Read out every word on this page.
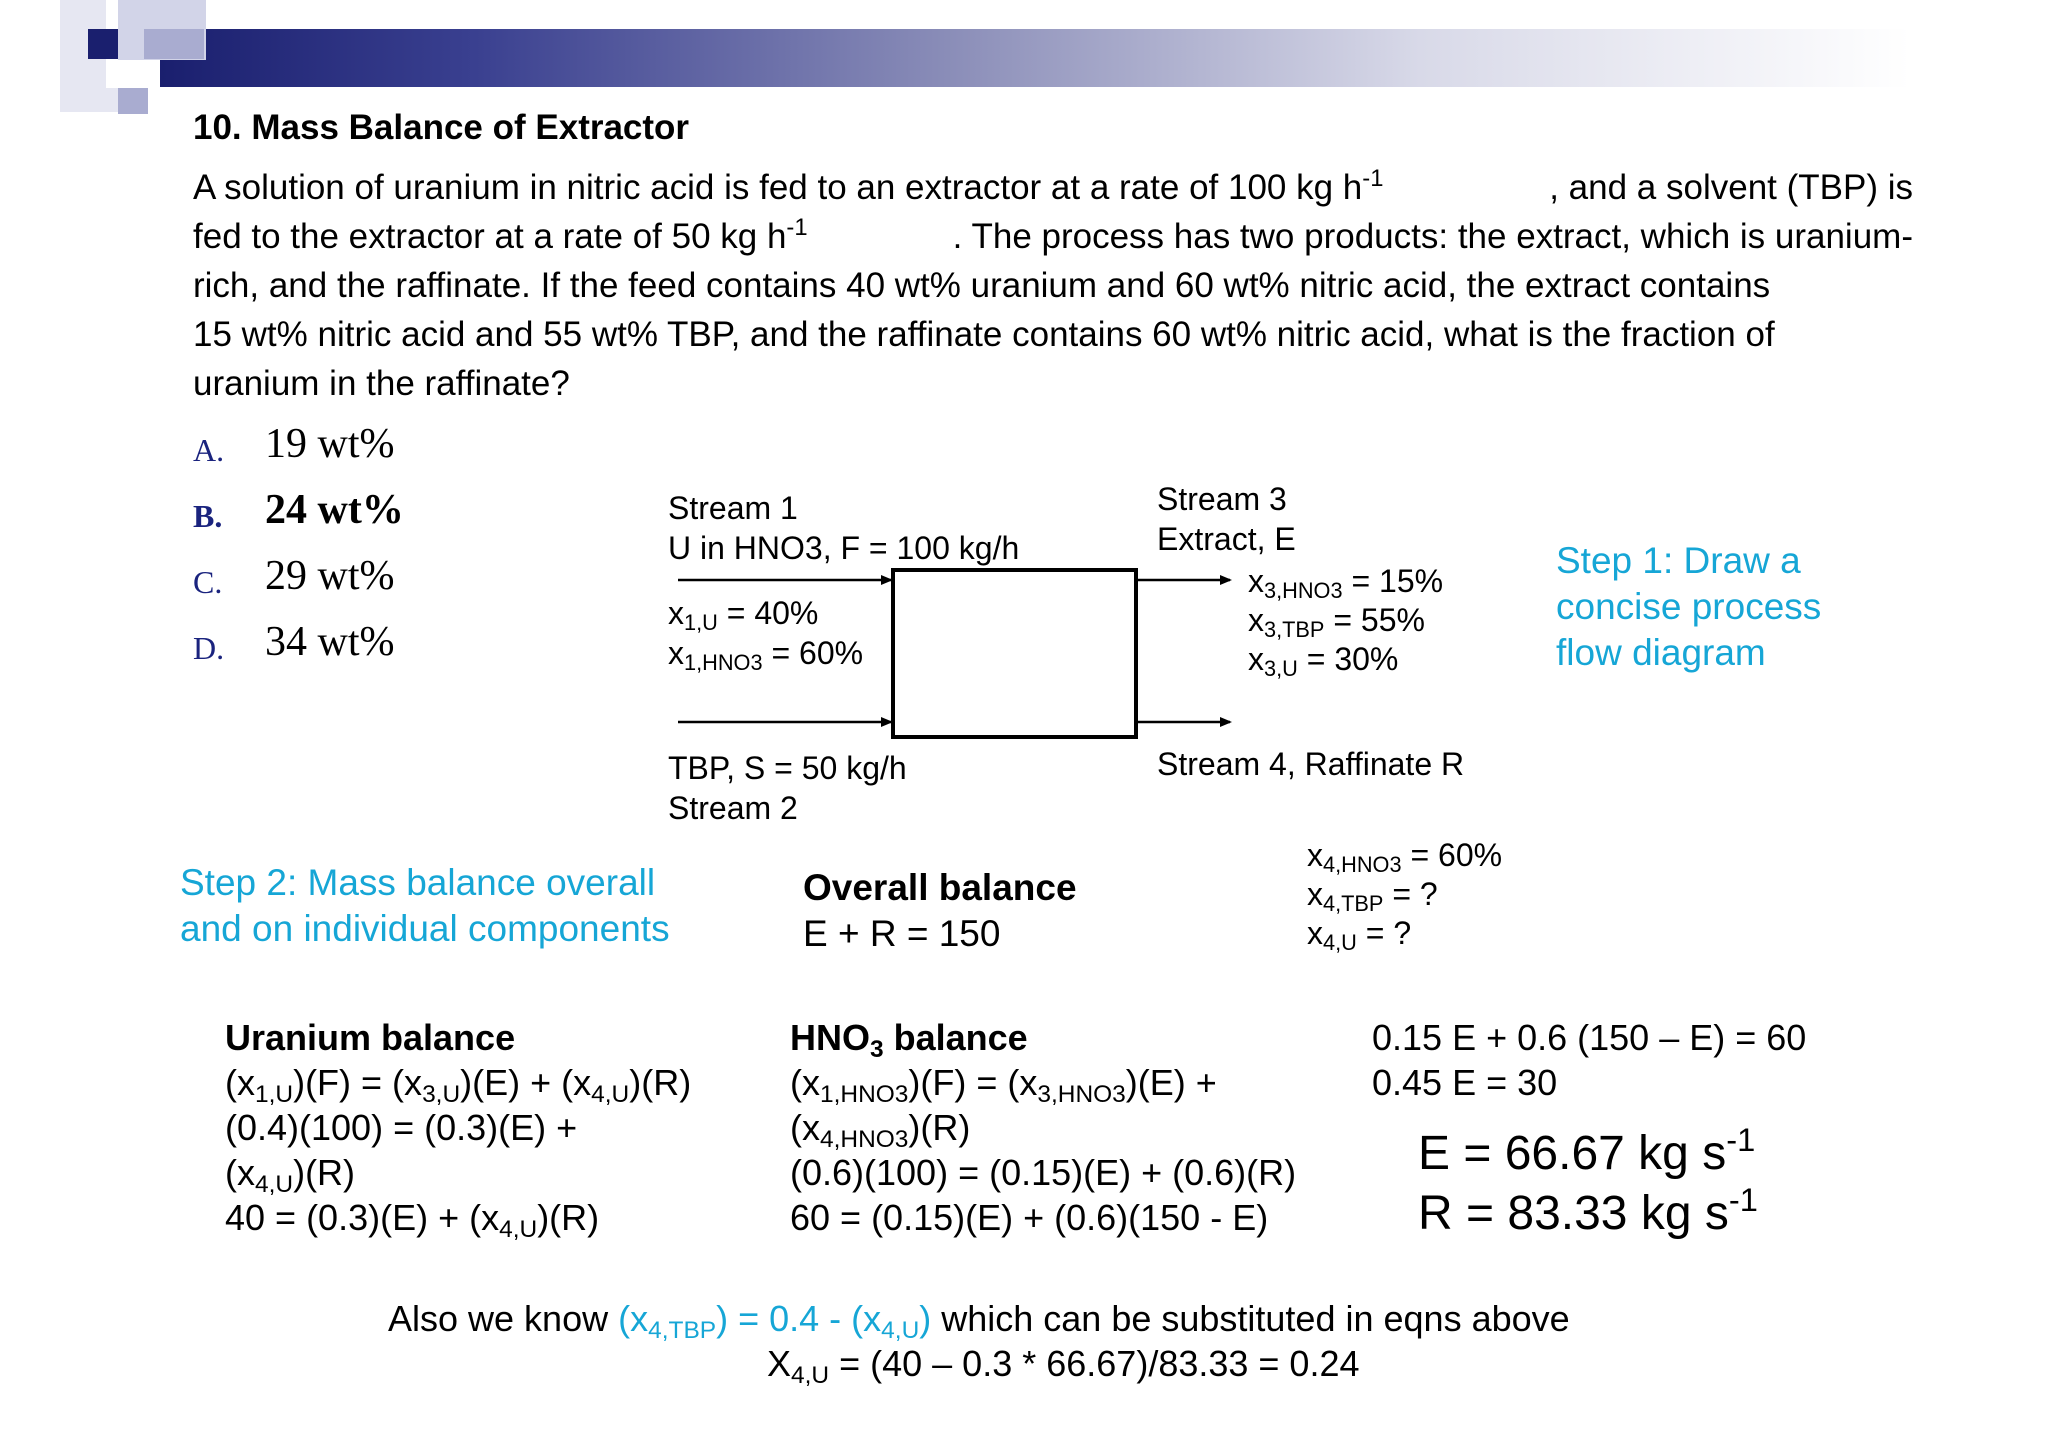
10. Mass Balance of Extractor
A solution of uranium in nitric acid is fed to an extractor at a rate of 100 kg $h^{-1}$	, and a solvent (TBP) is
fed to the extractor at a rate of 50 kg $h^{-1}$	. The process has two products: the extract, which is uranium-
rich, and the raffinate. If the feed contains 40 wt% uranium and 60 wt% nitric acid, the extract contains
15 wt% nitric acid and 55 wt% TBP, and the raffinate contains 60 wt% nitric acid, what is the fraction of
uranium in the raffinate?
A. 19 wt%
B. 24 wt%
C. 29 wt%
D. 34 wt%
Stream 1
U in HNO3, F = 100 kg/h
$x_{1,U} = 40\%$
$x_{1,HNO3} = 60\%$
TBP, S = 50 kg/h
Stream 2
Stream 3
Extract, E
$x_{3,HNO3} = 15\%$
$x_{3,TBP} = 55\%$
$x_{3,U} = 30\%$
Stream 4, Raffinate R
$x_{4,HNO3} = 60\%$
$x_{4,TBP}$ = ?
$x_{4,U}$ = ?
Step 1: Draw a
concise process
flow diagram
Step 2: Mass balance overall
and on individual components
Overall balance
E + R = 150
Uranium balance
$(x_{1,U})(F) = (x_{3,U})(E) + (x_{4,U})(R)$
(0.4)(100) = (0.3)(E) +
$(x_{4,U})(R)$
$40 = (0.3)(E) + (x_{4,U})(R)$
$HNO_3$ balance
$(x_{1,HNO3})(F) = (x_{3,HNO3})(E)$ +
$(x_{4,HNO3})(R)$
(0.6)(100) = (0.15)(E) + (0.6)(R)
60 = (0.15)(E) + (0.6)(150 - E)
0.15 E + 0.6 (150 – E) = 60
0.45 E = 30
E = 66.67 kg $s^{-1}$
R = 83.33 kg $s^{-1}$
Also we know $(x_{4,TBP}) = 0.4 - (x_{4,U})$ which can be substituted in eqns above
$X_{4,U} = (40 - 0.3 * 66.67)/83.33 = 0.24$
